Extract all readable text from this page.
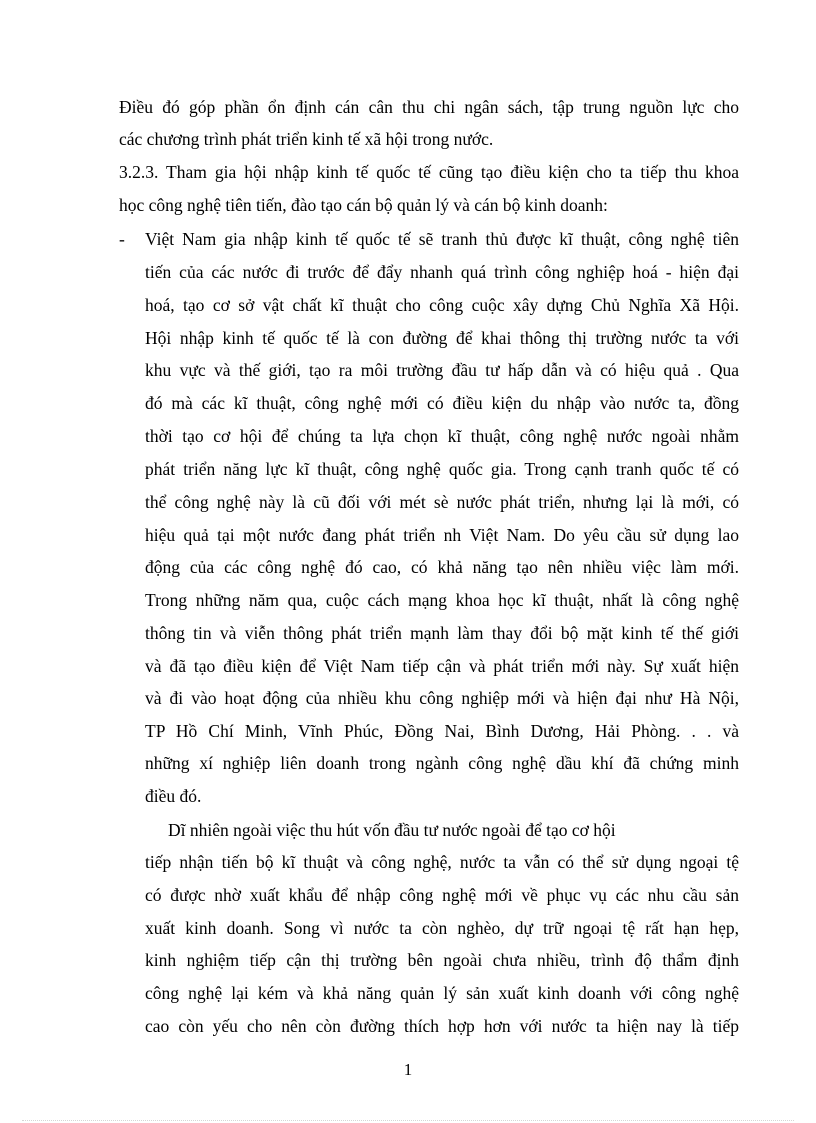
Điều đó góp phần ổn định cán cân thu chi ngân sách, tập trung nguồn lực cho
các chương trình phát triển kinh tế xã hội trong nước.
3.2.3. Tham gia hội nhập kinh tế quốc tế cũng tạo điều kiện cho ta tiếp thu khoa
học công nghệ tiên tiến, đào tạo cán bộ quản lý và cán bộ kinh doanh:
- Việt Nam gia nhập kinh tế quốc tế sẽ tranh thủ được kĩ thuật, công nghệ tiên
tiến của các nước đi trước để đẩy nhanh quá trình công nghiệp hoá - hiện đại
hoá, tạo cơ sở vật chất kĩ thuật cho công cuộc xây dựng Chủ Nghĩa Xã Hội.
Hội nhập kinh tế quốc tế là con đường để khai thông thị trường nước ta với
khu vực và thế giới, tạo ra môi trường đầu tư hấp dẫn và có hiệu quả . Qua
đó mà các kĩ thuật, công nghệ mới có điều kiện du nhập vào nước ta, đồng
thời tạo cơ hội để chúng ta lựa chọn kĩ thuật, công nghệ nước ngoài nhằm
phát triển năng lực kĩ thuật, công nghệ quốc gia. Trong cạnh tranh quốc tế có
thể công nghệ này là cũ đối với mét sè nước phát triển, nhưng lại là mới, có
hiệu quả tại một nước đang phát triển nh Việt Nam. Do yêu cầu sử dụng lao
động của các công nghệ đó cao, có khả năng tạo nên nhiều việc làm mới.
Trong những năm qua, cuộc cách mạng khoa học kĩ thuật, nhất là công nghệ
thông tin và viễn thông phát triển mạnh làm thay đổi bộ mặt kinh tế thế giới
và đã tạo điều kiện để Việt Nam tiếp cận và phát triển mới này. Sự xuất hiện
và đi vào hoạt động của nhiều khu công nghiệp mới và hiện đại như Hà Nội,
TP Hồ Chí Minh, Vĩnh Phúc, Đồng Nai, Bình Dương, Hải Phòng. . . và
những xí nghiệp liên doanh trong ngành công nghệ dầu khí đã chứng minh
điều đó.
Dĩ nhiên ngoài việc thu hút vốn đầu tư nước ngoài để tạo cơ hội
tiếp nhận tiến bộ kĩ thuật và công nghệ, nước ta vẫn có thể sử dụng ngoại tệ
có được nhờ xuất khẩu để nhập công nghệ mới về phục vụ các nhu cầu sản
xuất kinh doanh. Song vì nước ta còn nghèo, dự trữ ngoại tệ rất hạn hẹp,
kinh nghiệm tiếp cận thị trường bên ngoài chưa nhiều, trình độ thẩm định
công nghệ lại kém và khả năng quản lý sản xuất kinh doanh với công nghệ
cao còn yếu cho nên còn đường thích hợp hơn với nước ta hiện nay là tiếp
1
